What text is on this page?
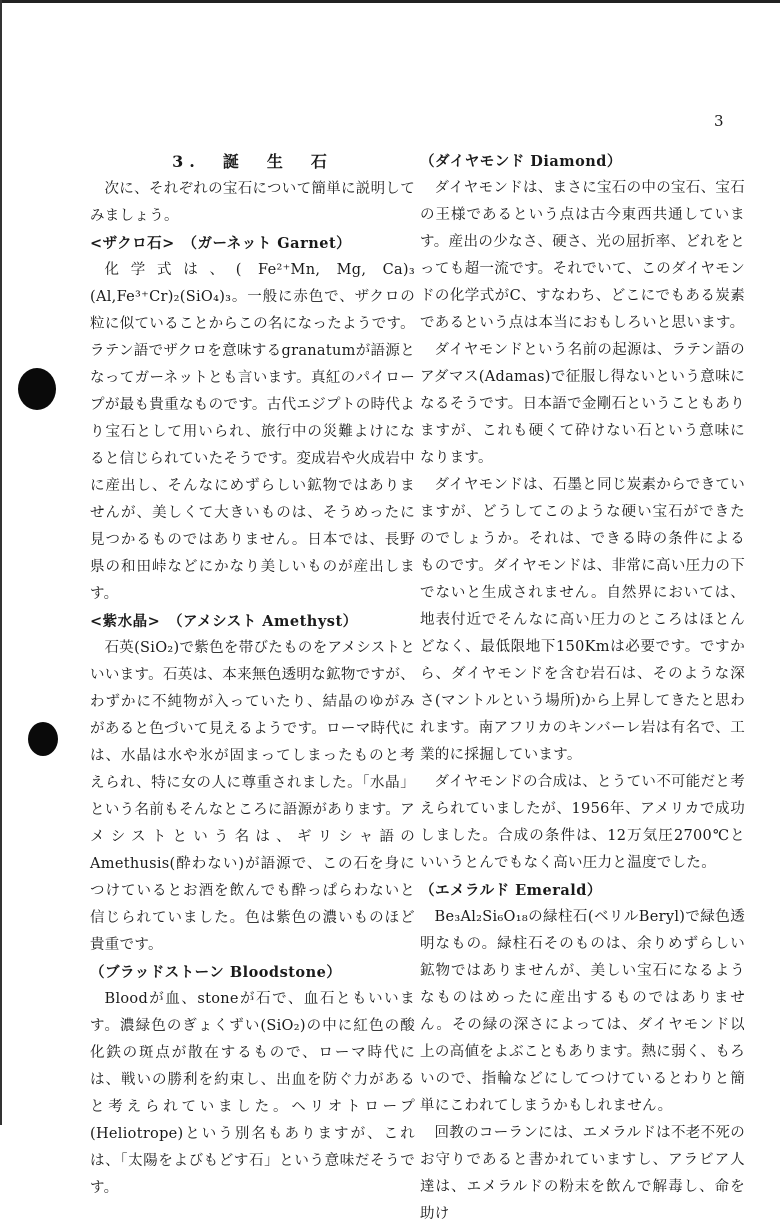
3
3.　誕　生　石

次に、それぞれの宝石について簡単に説明してみましょう。

<ザクロ石>　（ガーネット Garnet）

化学式は、( Fe²⁺Mn, Mg, Ca)₃ (Al,Fe³⁺Cr)₂(SiO₄)₃。一般に赤色で、ザクロの粒に似ていることからこの名になったようです。ラテン語でザクロを意味するgranatumが語源となってガーネットとも言います。真紅のパイロープが最も貴重なものです。古代エジプトの時代より宝石として用いられ、旅行中の災難よけになると信じられていたそうです。変成岩や火成岩中に産出し、そんなにめずらしい鉱物ではありませんが、美しくて大きいものは、そうめったに見つかるものではありません。日本では、長野県の和田峠などにかなり美しいものが産出します。

<紫水晶>　（アメシスト Amethyst）

石英(SiO₂)で紫色を帯びたものをアメシストといいます。石英は、本来無色透明な鉱物ですが、わずかに不純物が入っていたり、結晶のゆがみがあると色づいて見えるようです。ローマ時代には、水晶は水や氷が固まってしまったものと考えられ、特に女の人に尊重されました。「水晶」という名前もそんなところに語源があります。アメシストという名は、ギリシャ語のAmethusis(酔わない)が語源で、この石を身につけているとお酒を飲んでも酔っぱらわないと信じられていました。色は紫色の濃いものほど貴重です。

（ブラッドストーン Bloodstone）

Bloodが血、stoneが石で、血石ともいいます。濃緑色のぎょくずい(SiO₂)の中に紅色の酸化鉄の斑点が散在するもので、ローマ時代には、戦いの勝利を約束し、出血を防ぐ力があると考えられていました。ヘリオトロープ(Heliotrope)という別名もありますが、これは、「太陽をよびもどす石」という意味だそうです。

（ダイヤモンド Diamond）

ダイヤモンドは、まさに宝石の中の宝石、宝石の王様であるという点は古今東西共通しています。産出の少なさ、硬さ、光の屈折率、どれをとっても超一流です。それでいて、このダイヤモンドの化学式がC、すなわち、どこにでもある炭素であるという点は本当におもしろいと思います。

ダイヤモンドという名前の起源は、ラテン語のアダマス(Adamas)で征服し得ないという意味になるそうです。日本語で金剛石ということもありますが、これも硬くて砕けない石という意味になります。

ダイヤモンドは、石墨と同じ炭素からできていますが、どうしてこのような硬い宝石ができたのでしょうか。それは、できる時の条件によるものです。ダイヤモンドは、非常に高い圧力の下でないと生成されません。自然界においては、地表付近でそんなに高い圧力のところはほとんどなく、最低限地下150Kmは必要です。ですから、ダイヤモンドを含む岩石は、そのような深さ(マントルという場所)から上昇してきたと思われます。南アフリカのキンバーレ岩は有名で、工業的に採掘しています。

ダイヤモンドの合成は、とうてい不可能だと考えられていましたが、1956年、アメリカで成功しました。合成の条件は、12万気圧2700℃といいうとんでもなく高い圧力と温度でした。

（エメラルド Emerald）

Be₃Al₂Si₆O₁₈の緑柱石(ベリルBeryl)で緑色透明なもの。緑柱石そのものは、余りめずらしい鉱物ではありませんが、美しい宝石になるようなものはめったに産出するものではありません。その緑の深さによっては、ダイヤモンド以上の高値をよぶこともあります。熱に弱く、もろいので、指輪などにしてつけているとわりと簡単にこわれてしまうかもしれません。

回教のコーランには、エメラルドは不老不死のお守りであると書かれていますし、アラビア人達は、エメラルドの粉末を飲んで解毒し、命を助け
